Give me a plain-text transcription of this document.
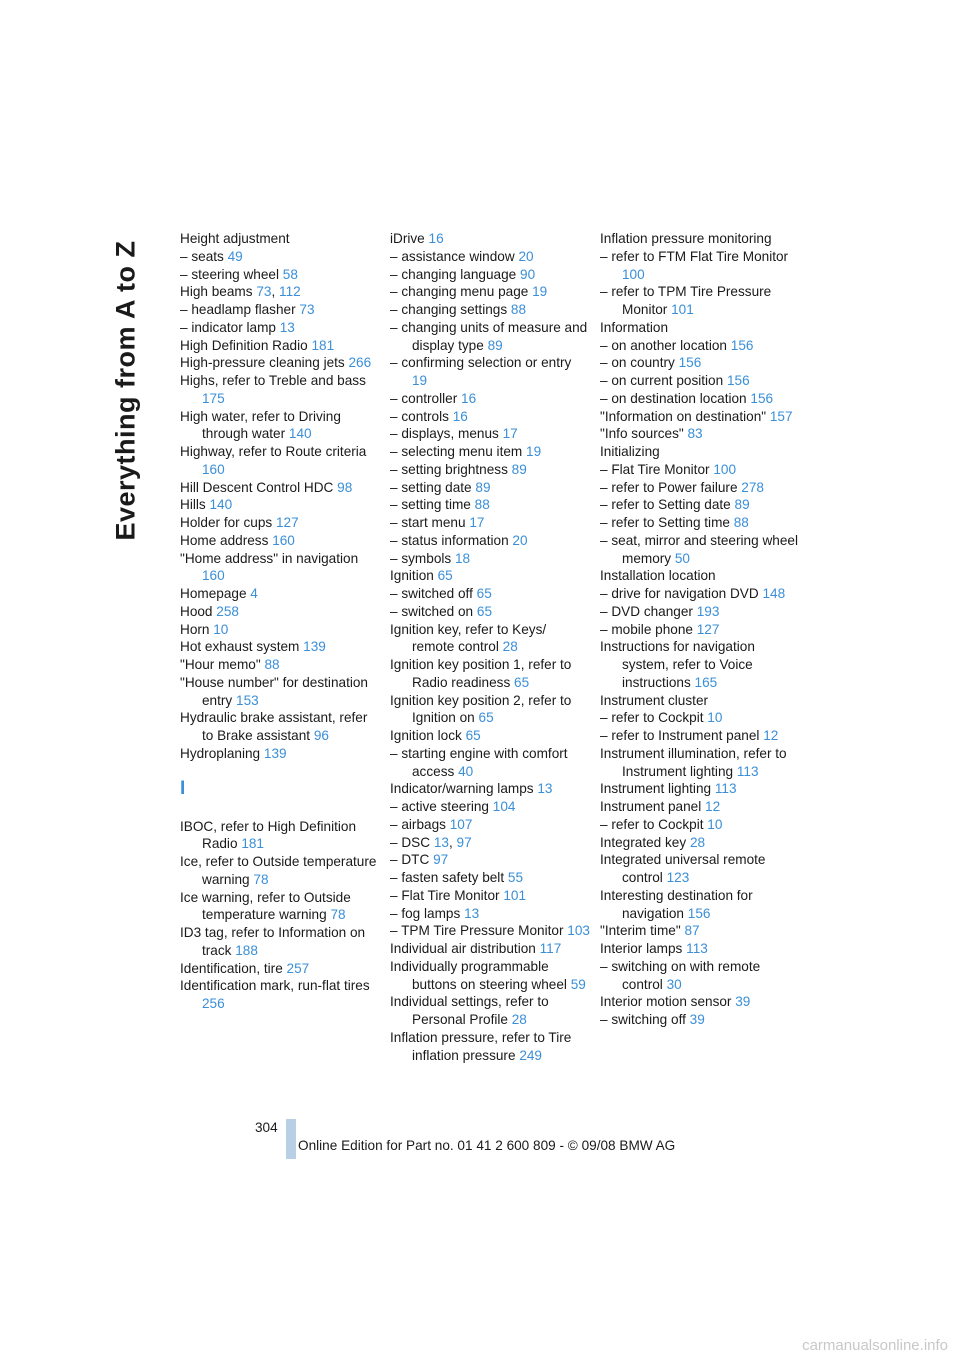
Everything from A to Z
Height adjustment
– seats 49
– steering wheel 58
High beams 73, 112
– headlamp flasher 73
– indicator lamp 13
High Definition Radio 181
High-pressure cleaning jets 266
Highs, refer to Treble and bass 175
High water, refer to Driving through water 140
Highway, refer to Route criteria 160
Hill Descent Control HDC 98
Hills 140
Holder for cups 127
Home address 160
"Home address" in navigation 160
Homepage 4
Hood 258
Horn 10
Hot exhaust system 139
"Hour memo" 88
"House number" for destination entry 153
Hydraulic brake assistant, refer to Brake assistant 96
Hydroplaning 139
I
IBOC, refer to High Definition Radio 181
Ice, refer to Outside temperature warning 78
Ice warning, refer to Outside temperature warning 78
ID3 tag, refer to Information on track 188
Identification, tire 257
Identification mark, run-flat tires 256
iDrive 16
– assistance window 20
– changing language 90
– changing menu page 19
– changing settings 88
– changing units of measure and display type 89
– confirming selection or entry 19
– controller 16
– controls 16
– displays, menus 17
– selecting menu item 19
– setting brightness 89
– setting date 89
– setting time 88
– start menu 17
– status information 20
– symbols 18
Ignition 65
– switched off 65
– switched on 65
Ignition key, refer to Keys/ remote control 28
Ignition key position 1, refer to Radio readiness 65
Ignition key position 2, refer to Ignition on 65
Ignition lock 65
– starting engine with comfort access 40
Indicator/warning lamps 13
– active steering 104
– airbags 107
– DSC 13, 97
– DTC 97
– fasten safety belt 55
– Flat Tire Monitor 101
– fog lamps 13
– TPM Tire Pressure Monitor 103
Individual air distribution 117
Individually programmable buttons on steering wheel 59
Individual settings, refer to Personal Profile 28
Inflation pressure, refer to Tire inflation pressure 249
Inflation pressure monitoring
– refer to FTM Flat Tire Monitor 100
– refer to TPM Tire Pressure Monitor 101
Information
– on another location 156
– on country 156
– on current position 156
– on destination location 156
"Information on destination" 157
"Info sources" 83
Initializing
– Flat Tire Monitor 100
– refer to Power failure 278
– refer to Setting date 89
– refer to Setting time 88
– seat, mirror and steering wheel memory 50
Installation location
– drive for navigation DVD 148
– DVD changer 193
– mobile phone 127
Instructions for navigation system, refer to Voice instructions 165
Instrument cluster
– refer to Cockpit 10
– refer to Instrument panel 12
Instrument illumination, refer to Instrument lighting 113
Instrument lighting 113
Instrument panel 12
– refer to Cockpit 10
Integrated key 28
Integrated universal remote control 123
Interesting destination for navigation 156
"Interim time" 87
Interior lamps 113
– switching on with remote control 30
Interior motion sensor 39
– switching off 39
304
Online Edition for Part no. 01 41 2 600 809 - © 09/08 BMW AG
carmanualsonline.info
